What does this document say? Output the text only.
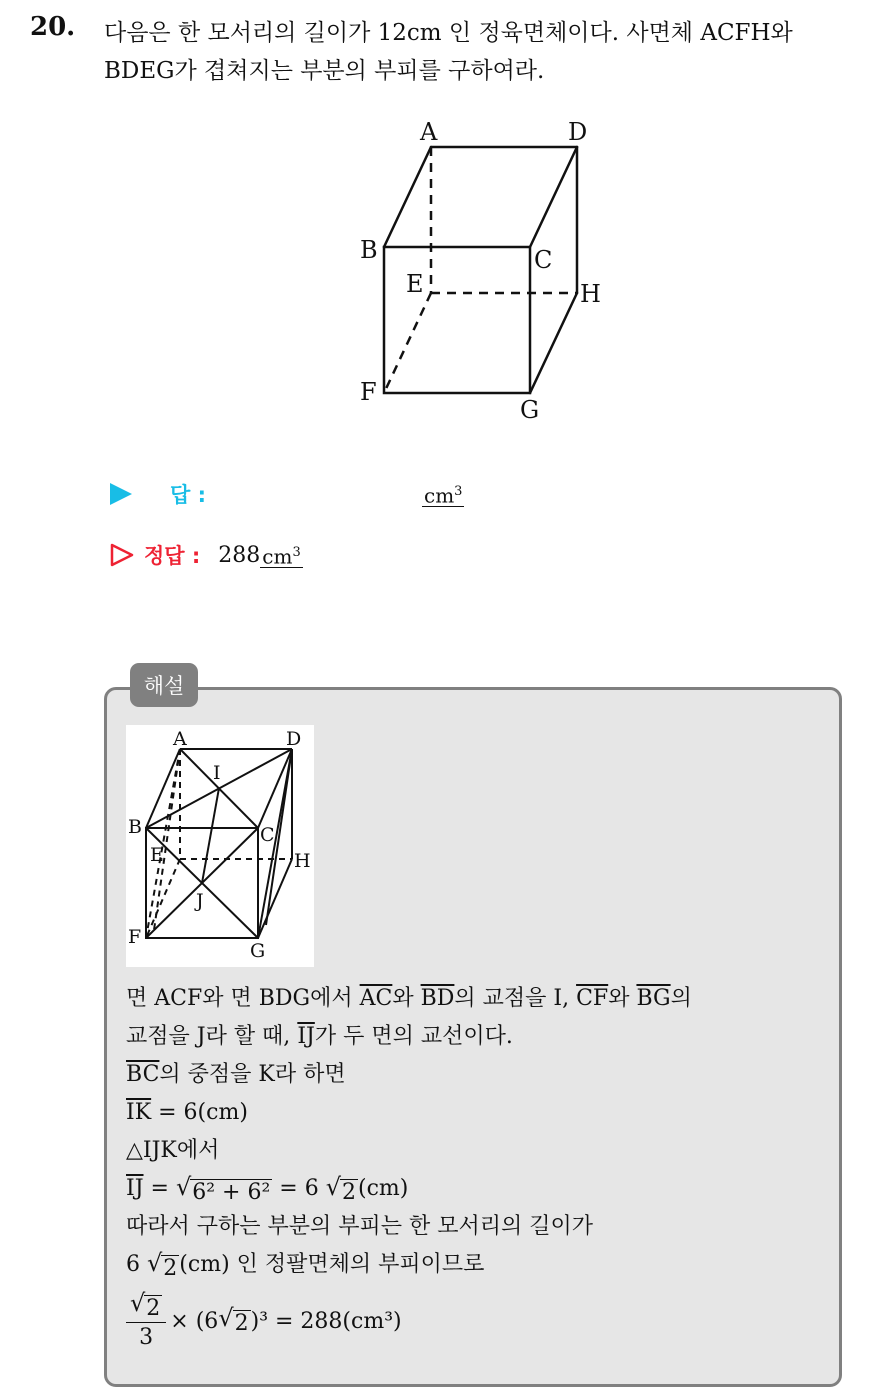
20. 다음은 한 모서리의 길이가 12cm 인 정육면체이다. 사면체 ACFH와
BDEG가 겹쳐지는 부분의 부피를 구하여라.
A	D
B	C
E	H
F
G
답 :	$cm^3$
정답 : 288 $cm^3$
해설
A	D
I
B	C
E	H
J
F
G
면 ACF와 면 BDG에서 $\overline{AC}$와 $\overline{BD}$의 교점을 I, $\overline{CF}$와 $\overline{BG}$의
교점을 J라 할 때, $\overline{IJ}$가 두 면의 교선이다.
$\overline{BC}$의 중점을 K라 하면
$\overline{IK} = 6(cm)$
△IJK에서
$\overline{IJ}$ = √ 6² + 6² = 6 √ 2 (cm)
따라서 구하는 부분의 부피는 한 모서리의 길이가
6 √ 2 (cm) 인 정팔면체의 부피이므로
$\frac{√ 2}{3} \times (6$ √ 2 )³ = 288(cm³)
